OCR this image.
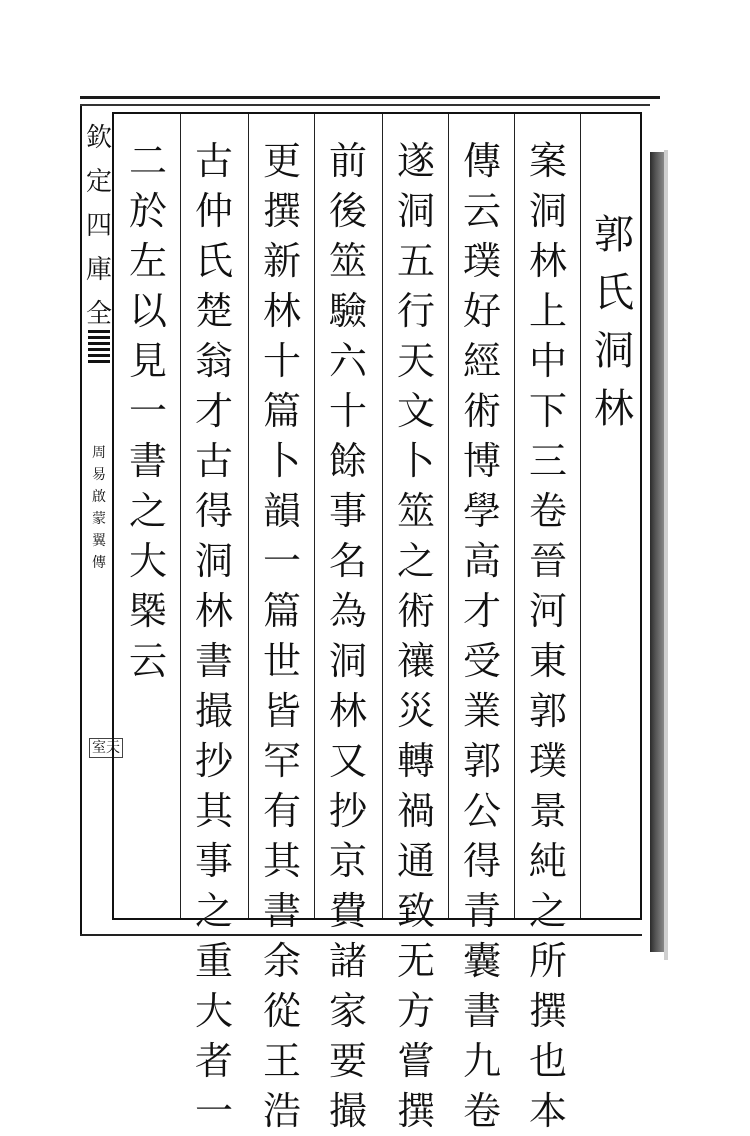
欽
定
四
庫
全
周
易
啟
蒙
翼
傳
室天
郭
氏
洞
林
案
洞
林
上
中
下
三
卷
晉
河
東
郭
璞
景
純
之
所
撰
也
本
傳
云
璞
好
經
術
博
學
高
才
受
業
郭
公
得
青
囊
書
九
卷
遂
洞
五
行
天
文
卜
筮
之
術
禳
災
轉
禍
通
致
无
方
嘗
撰
前
後
筮
驗
六
十
餘
事
名
為
洞
林
又
抄
京
費
諸
家
要
撮
更
撰
新
林
十
篇
卜
韻
一
篇
世
皆
罕
有
其
書
余
從
王
浩
古
仲
氏
楚
翁
才
古
得
洞
林
書
撮
抄
其
事
之
重
大
者
一
二
於
左
以
見
一
書
之
大
槩
云
